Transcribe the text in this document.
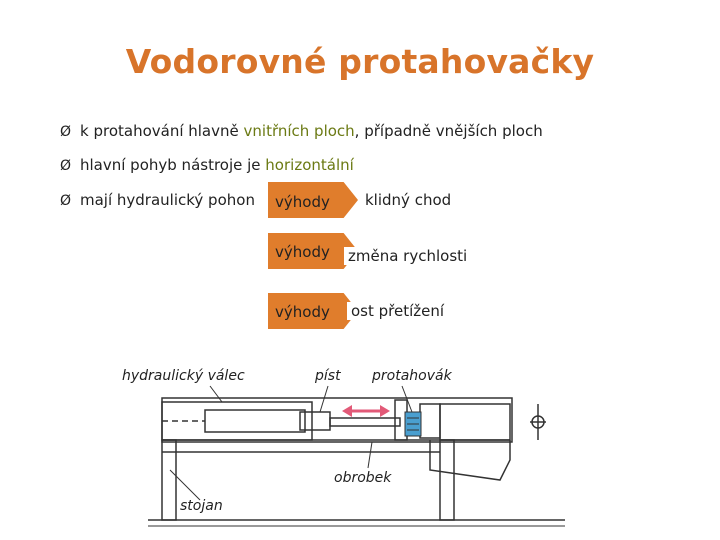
Vodorovné protahovačky
Ø k protahování hlavně vnitřních ploch, případně vnějších ploch
Ø hlavní pohyb nástroje je horizontální
Ø mají hydraulický pohon výhody klidný chod
výhody změna rychlosti
výhody ost přetížení
hydraulický válec	píst protahovák
obrobek
stojan
